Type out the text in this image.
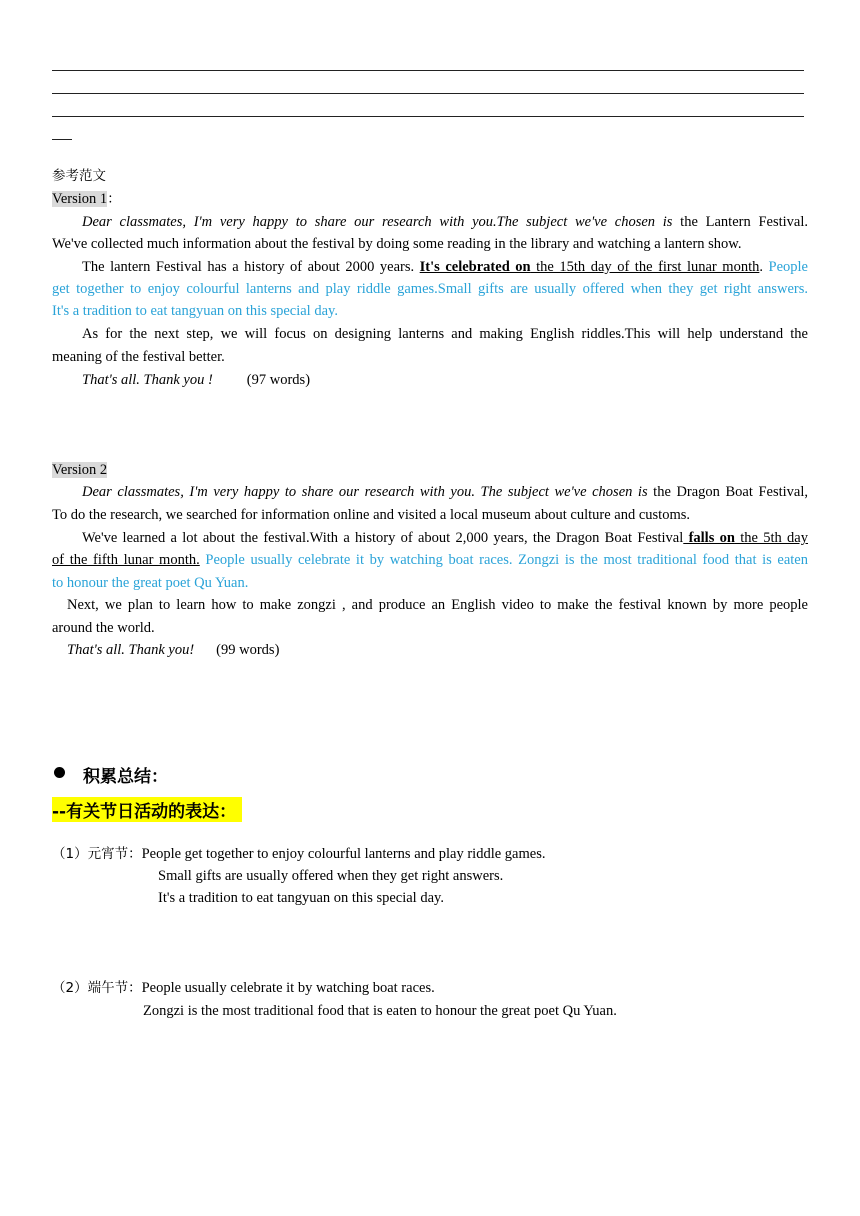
参考范文
Version 1：
Dear classmates, I'm very happy to share our research with you.The subject we've chosen is the Lantern Festival.
We've collected much information about the festival by doing some reading in the library and watching a lantern show.
The lantern Festival has a history of about 2000 years. It's celebrated on the 15th day of the first lunar month. People
get together to enjoy colourful lanterns and play riddle games.Small gifts are usually offered when they get right answers.
It's a tradition to eat tangyuan on this special day.
As for the next step, we will focus on designing lanterns and making English riddles.This will help understand the
meaning of the festival better.
That's all. Thank you ! (97 words)
Version 2
Dear classmates, I'm very happy to share our research with you. The subject we've chosen is the Dragon Boat Festival,
To do the research, we searched for information online and visited a local museum about culture and customs.
We've learned a lot about the festival.With a history of about 2,000 years, the Dragon Boat Festival falls on the 5th day
of the fifth lunar month. People usually celebrate it by watching boat races. Zongzi is the most traditional food that is eaten
to honour the great poet Qu Yuan.
Next, we plan to learn how to make zongzi , and produce an English video to make the festival known by more people
around the world.
That's all. Thank you! (99 words)
积累总结：
--有关节日活动的表达：
（1）元宵节：People get together to enjoy colourful lanterns and play riddle games.
Small gifts are usually offered when they get right answers.
It's a tradition to eat tangyuan on this special day.
（2）端午节：People usually celebrate it by watching boat races.
Zongzi is the most traditional food that is eaten to honour the great poet Qu Yuan.
